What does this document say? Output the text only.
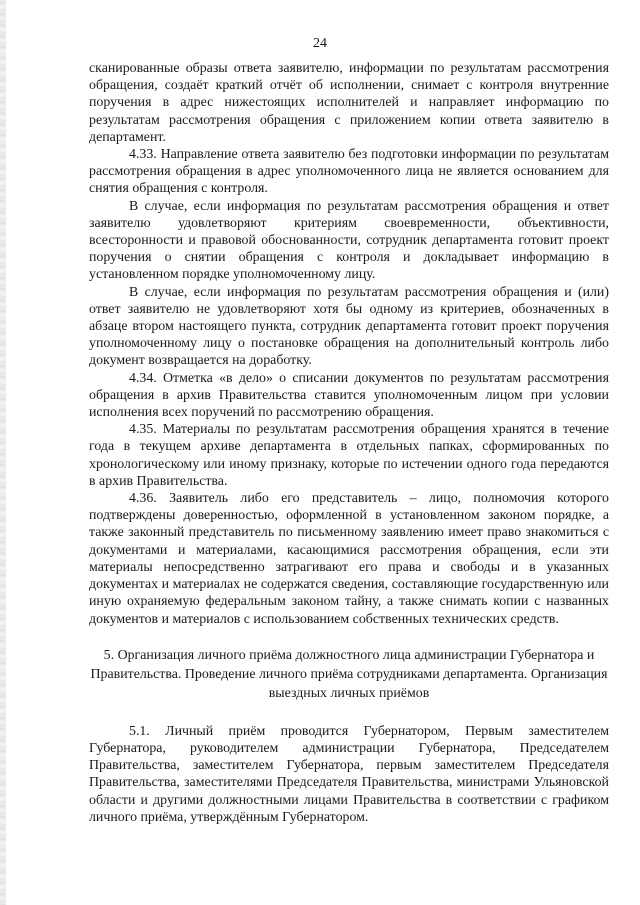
24

сканированные образы ответа заявителю, информации по результатам рассмотрения обращения, создаёт краткий отчёт об исполнении, снимает с контроля внутренние поручения в адрес нижестоящих исполнителей и направляет информацию по результатам рассмотрения обращения с приложением копии ответа заявителю в департамент.

4.33. Направление ответа заявителю без подготовки информации по результатам рассмотрения обращения в адрес уполномоченного лица не является основанием для снятия обращения с контроля.

В случае, если информация по результатам рассмотрения обращения и ответ заявителю удовлетворяют критериям своевременности, объективности, всесторонности и правовой обоснованности, сотрудник департамента готовит проект поручения о снятии обращения с контроля и докладывает информацию в установленном порядке уполномоченному лицу.

В случае, если информация по результатам рассмотрения обращения и (или) ответ заявителю не удовлетворяют хотя бы одному из критериев, обозначенных в абзаце втором настоящего пункта, сотрудник департамента готовит проект поручения уполномоченному лицу о постановке обращения на дополнительный контроль либо документ возвращается на доработку.

4.34. Отметка «в дело» о списании документов по результатам рассмотрения обращения в архив Правительства ставится уполномоченным лицом при условии исполнения всех поручений по рассмотрению обращения.

4.35. Материалы по результатам рассмотрения обращения хранятся в течение года в текущем архиве департамента в отдельных папках, сформированных по хронологическому или иному признаку, которые по истечении одного года передаются в архив Правительства.

4.36. Заявитель либо его представитель – лицо, полномочия которого подтверждены доверенностью, оформленной в установленном законом порядке, а также законный представитель по письменному заявлению имеет право знакомиться с документами и материалами, касающимися рассмотрения обращения, если эти материалы непосредственно затрагивают его права и свободы и в указанных документах и материалах не содержатся сведения, составляющие государственную или иную охраняемую федеральным законом тайну, а также снимать копии с названных документов и материалов с использованием собственных технических средств.

5. Организация личного приёма должностного лица администрации Губернатора и Правительства. Проведение личного приёма сотрудниками департамента. Организация выездных личных приёмов

5.1. Личный приём проводится Губернатором, Первым заместителем Губернатора, руководителем администрации Губернатора, Председателем Правительства, заместителем Губернатора, первым заместителем Председателя Правительства, заместителями Председателя Правительства, министрами Ульяновской области и другими должностными лицами Правительства в соответствии с графиком личного приёма, утверждённым Губернатором.
